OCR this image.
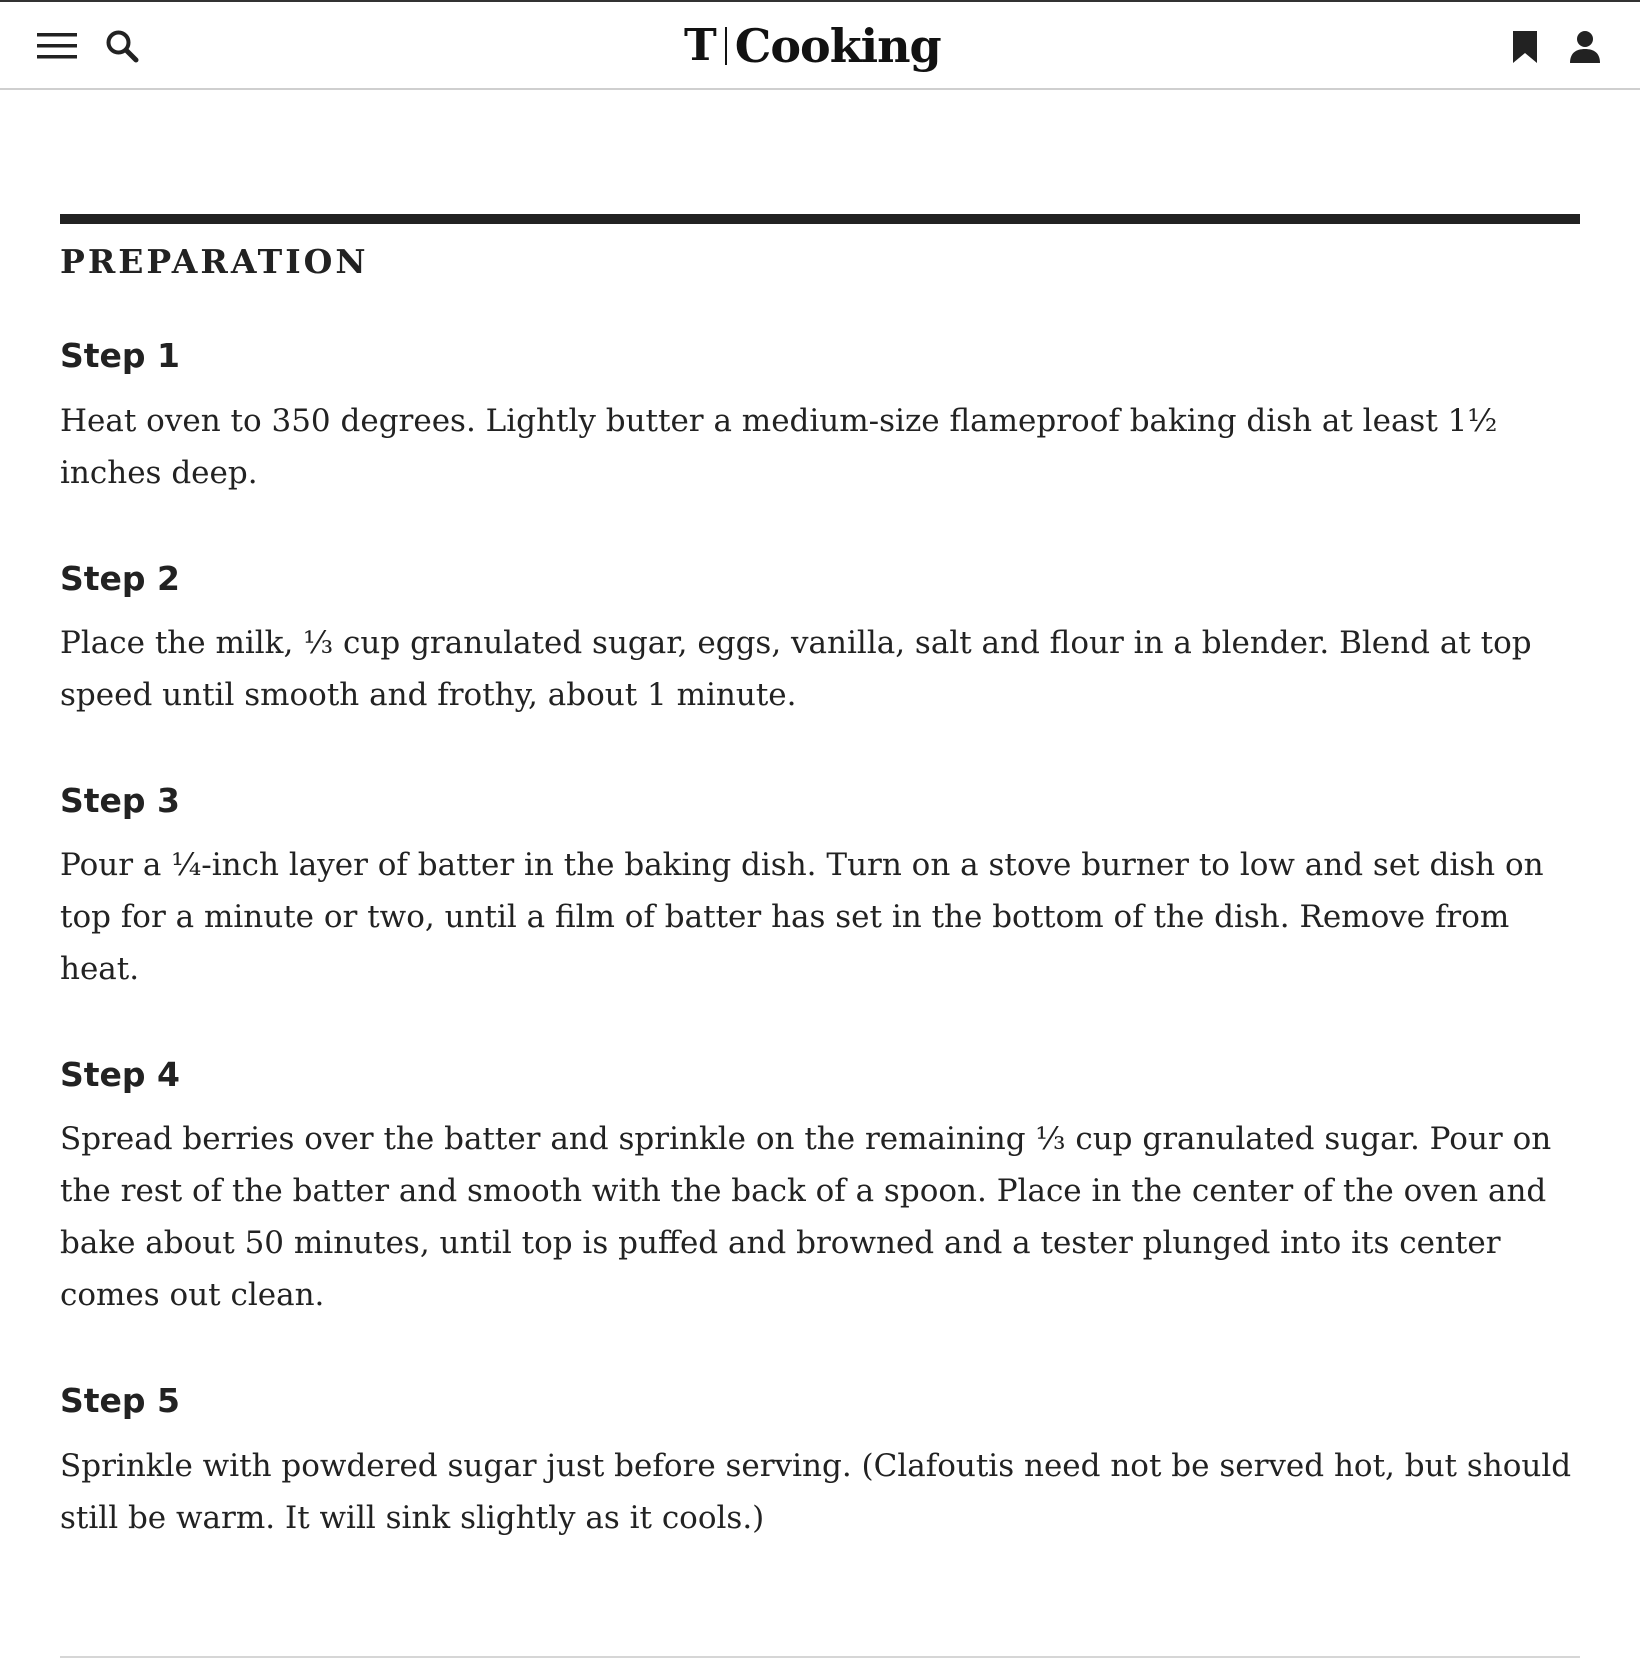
T Cooking
PREPARATION
Step 1

Heat oven to 350 degrees. Lightly butter a medium-size flameproof baking dish at least 1½ inches deep.

Step 2

Place the milk, ⅓ cup granulated sugar, eggs, vanilla, salt and flour in a blender. Blend at top speed until smooth and frothy, about 1 minute.

Step 3

Pour a ¼-inch layer of batter in the baking dish. Turn on a stove burner to low and set dish on top for a minute or two, until a film of batter has set in the bottom of the dish. Remove from heat.

Step 4

Spread berries over the batter and sprinkle on the remaining ⅓ cup granulated sugar. Pour on the rest of the batter and smooth with the back of a spoon. Place in the center of the oven and bake about 50 minutes, until top is puffed and browned and a tester plunged into its center comes out clean.

Step 5

Sprinkle with powdered sugar just before serving. (Clafoutis need not be served hot, but should still be warm. It will sink slightly as it cools.)
